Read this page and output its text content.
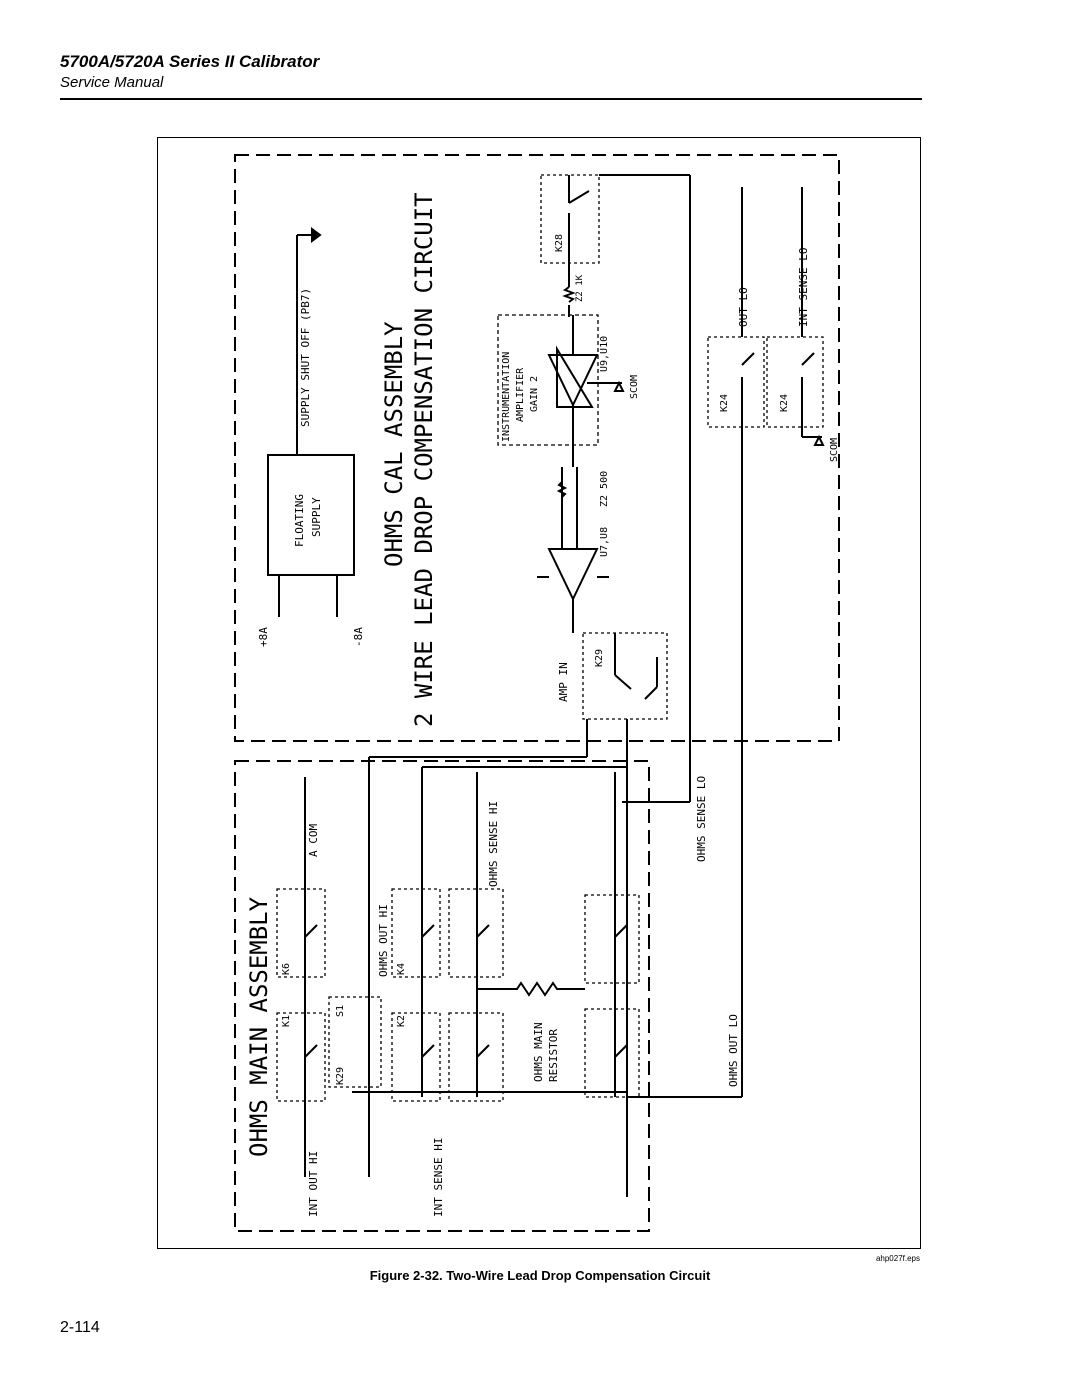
5700A/5720A Series II Calibrator
Service Manual
OHMS CAL ASSEMBLY 2 WIRE LEAD DROP COMPENSATION CIRCUIT
SUPPLY SHUT OFF (PB7)
FLOATING SUPPLY
+8A	-8A
AMP IN
K29
K28
U7,U8
Z2 500
INSTRUMENTATION AMPLIFIER GAIN 2
U9,U10
SCOM
Z2 1K	OUT LO	INT SENSE LO
K24	K24
SCOM
OHMS MAIN ASSEMBLY
A COM	OHMS SENSE HI	OHMS SENSE LO
OHMS OUT HI
OHMS OUT LO
INT OUT HI	INT SENSE HI
K6
K1
K4
K2
K29
S1
OHMS MAIN RESISTOR
ahp027f.eps
Figure 2-32. Two-Wire Lead Drop Compensation Circuit
2-114
